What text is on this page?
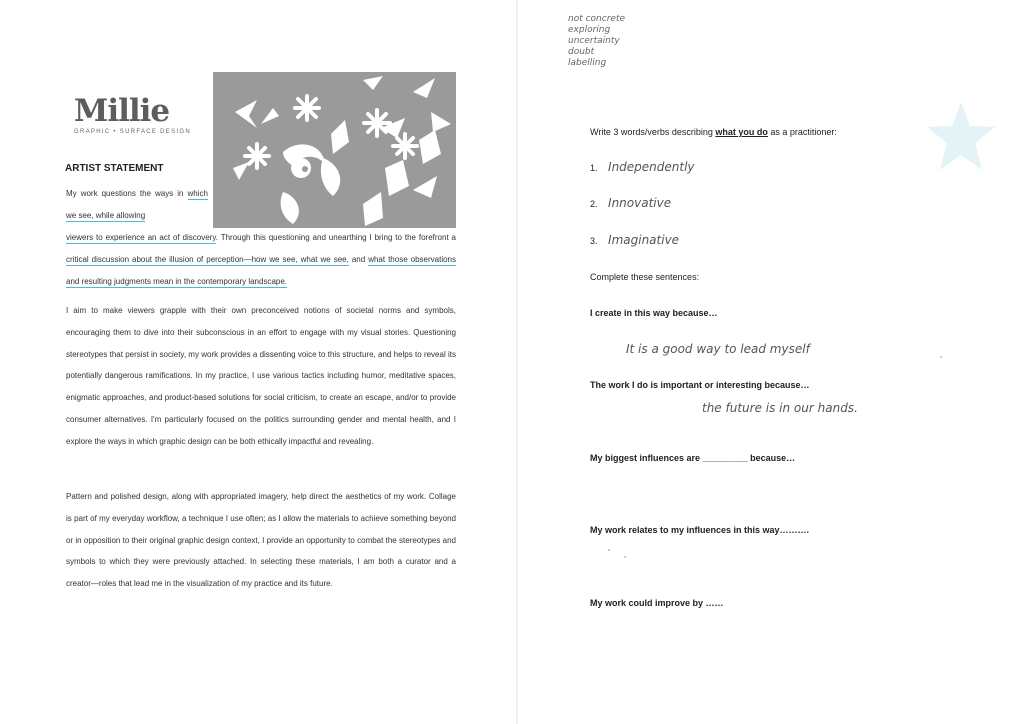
Millie
GRAPHIC • SURFACE DESIGN
ARTIST STATEMENT
My work questions the ways in which we see, while allowing
viewers to experience an act of discovery. Through this questioning and unearthing I bring to the forefront a critical discussion about the illusion of perception—how we see, what we see, and what those observations and resulting judgments mean in the contemporary landscape.
I aim to make viewers grapple with their own preconceived notions of societal norms and symbols, encouraging them to dive into their subconscious in an effort to engage with my visual stories. Questioning stereotypes that persist in society, my work provides a dissenting voice to this structure, and helps to reveal its potentially dangerous ramifications. In my practice, I use various tactics including humor, meditative spaces, enigmatic approaches, and product-based solutions for social criticism, to create an escape, and/or to provide consumer alternatives. I'm particularly focused on the politics surrounding gender and mental health, and I explore the ways in which graphic design can be both ethically impactful and revealing.
Pattern and polished design, along with appropriated imagery, help direct the aesthetics of my work. Collage is part of my everyday workflow, a technique I use often; as I allow the materials to achieve something beyond or in opposition to their original graphic design context, I provide an opportunity to combat the stereotypes and symbols to which they were previously attached. In selecting these materials, I am both a curator and a creator—roles that lead me in the visualization of my practice and its future.
not concrete
exploring
uncertainty
doubt
labelling
Write 3 words/verbs describing what you do as a practitioner:
1. Independently
2. Innovative
3. Imaginative
Complete these sentences:
I create in this way because…
It is a good way to lead myself
The work I do is important or interesting because…
the future is in our hands.
My biggest influences are _________ because…
My work relates to my influences in this way……….
My work could improve by ……
